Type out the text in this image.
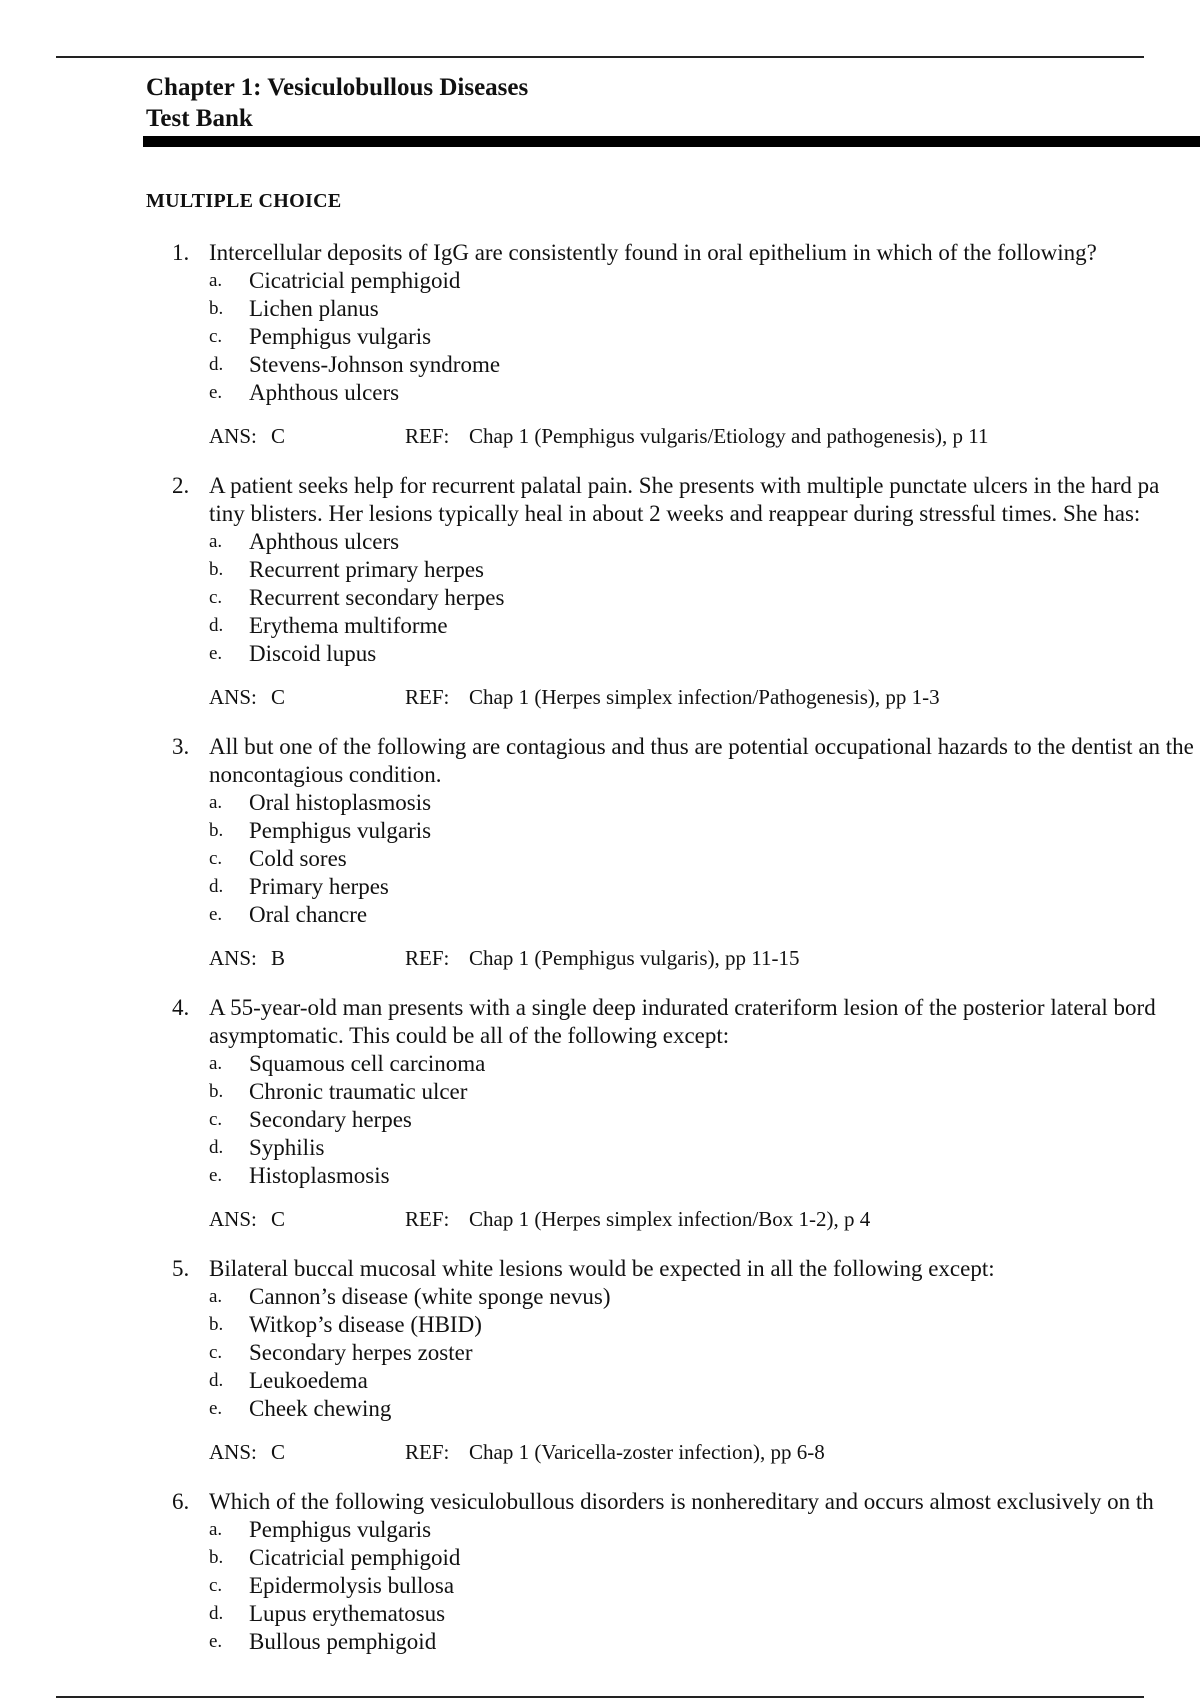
Chapter 1: Vesiculobullous Diseases
Test Bank
MULTIPLE CHOICE
1. Intercellular deposits of IgG are consistently found in oral epithelium in which of the following?
a. Cicatricial pemphigoid
b. Lichen planus
c. Pemphigus vulgaris
d. Stevens-Johnson syndrome
e. Aphthous ulcers
ANS: C	REF: Chap 1 (Pemphigus vulgaris/Etiology and pathogenesis), p 11
2. A patient seeks help for recurrent palatal pain. She presents with multiple punctate ulcers in the hard pa tiny blisters. Her lesions typically heal in about 2 weeks and reappear during stressful times. She has:
a. Aphthous ulcers
b. Recurrent primary herpes
c. Recurrent secondary herpes
d. Erythema multiforme
e. Discoid lupus
ANS: C	REF: Chap 1 (Herpes simplex infection/Pathogenesis), pp 1-3
3. All but one of the following are contagious and thus are potential occupational hazards to the dentist an the noncontagious condition.
a. Oral histoplasmosis
b. Pemphigus vulgaris
c. Cold sores
d. Primary herpes
e. Oral chancre
ANS: B	REF: Chap 1 (Pemphigus vulgaris), pp 11-15
4. A 55-year-old man presents with a single deep indurated crateriform lesion of the posterior lateral bord asymptomatic. This could be all of the following except:
a. Squamous cell carcinoma
b. Chronic traumatic ulcer
c. Secondary herpes
d. Syphilis
e. Histoplasmosis
ANS: C	REF: Chap 1 (Herpes simplex infection/Box 1-2), p 4
5. Bilateral buccal mucosal white lesions would be expected in all the following except:
a. Cannon’s disease (white sponge nevus)
b. Witkop’s disease (HBID)
c. Secondary herpes zoster
d. Leukoedema
e. Cheek chewing
ANS: C	REF: Chap 1 (Varicella-zoster infection), pp 6-8
6. Which of the following vesiculobullous disorders is nonhereditary and occurs almost exclusively on th
a. Pemphigus vulgaris
b. Cicatricial pemphigoid
c. Epidermolysis bullosa
d. Lupus erythematosus
e. Bullous pemphigoid
